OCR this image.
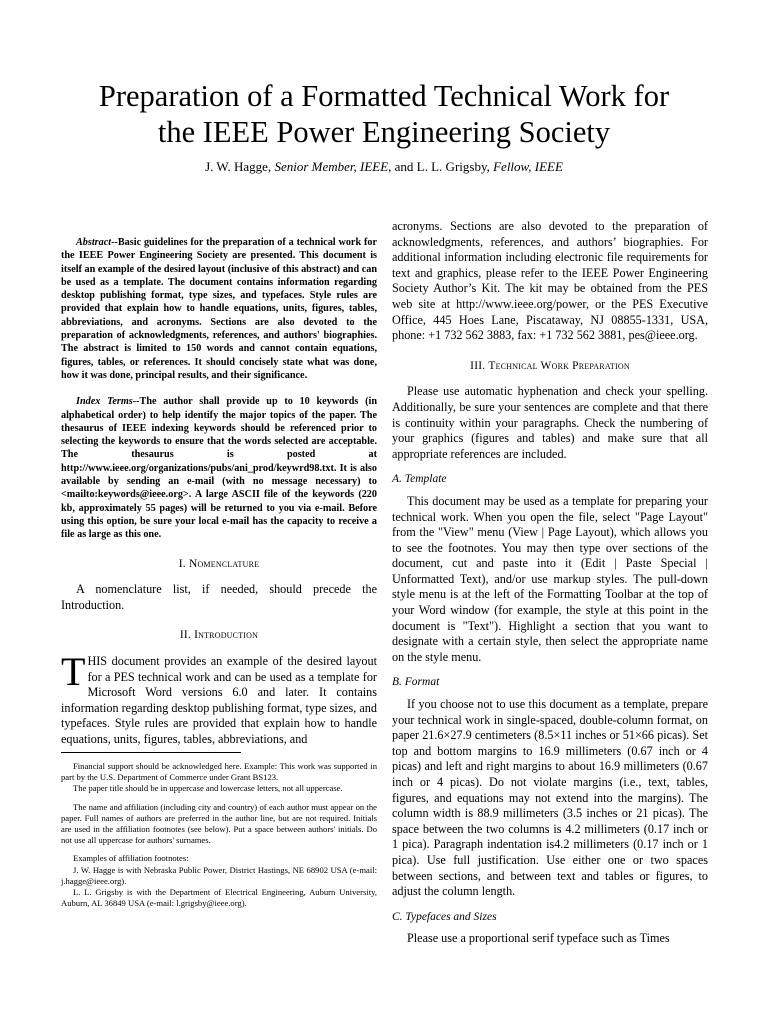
Preparation of a Formatted Technical Work for
the IEEE Power Engineering Society
J. W. Hagge, Senior Member, IEEE, and L. L. Grigsby, Fellow, IEEE

Abstract--Basic guidelines for the preparation of a technical work for the IEEE Power Engineering Society are presented. This document is itself an example of the desired layout (inclusive of this abstract) and can be used as a template. The document contains information regarding desktop publishing format, type sizes, and typefaces. Style rules are provided that explain how to handle equations, units, figures, tables, abbreviations, and acronyms. Sections are also devoted to the preparation of acknowledgments, references, and authors' biographies. The abstract is limited to 150 words and cannot contain equations, figures, tables, or references. It should concisely state what was done, how it was done, principal results, and their significance.

Index Terms--The author shall provide up to 10 keywords (in alphabetical order) to help identify the major topics of the paper. The thesaurus of IEEE indexing keywords should be referenced prior to selecting the keywords to ensure that the words selected are acceptable. The thesaurus is posted at http://www.ieee.org/organizations/pubs/ani_prod/keywrd98.txt. It is also available by sending an e-mail (with no message necessary) to <mailto:keywords@ieee.org>. A large ASCII file of the keywords (220 kb, approximately 55 pages) will be returned to you via e-mail. Before using this option, be sure your local e-mail has the capacity to receive a file as large as this one.

I. Nomenclature

A nomenclature list, if needed, should precede the Introduction.

II. Introduction

THIS document provides an example of the desired layout for a PES technical work and can be used as a template for Microsoft Word versions 6.0 and later. It contains information regarding desktop publishing format, type sizes, and typefaces. Style rules are provided that explain how to handle equations, units, figures, tables, abbreviations, and

Financial support should be acknowledged here. Example: This work was supported in part by the U.S. Department of Commerce under Grant BS123.

The paper title should be in uppercase and lowercase letters, not all uppercase.

The name and affiliation (including city and country) of each author must appear on the paper. Full names of authors are preferred in the author line, but are not required. Initials are used in the affiliation footnotes (see below). Put a space between authors' initials. Do not use all uppercase for authors' surnames.

Examples of affiliation footnotes:

J. W. Hagge is with Nebraska Public Power, District Hastings, NE 68902 USA (e-mail: j.hagge@ieee.org).

L. L. Grigsby is with the Department of Electrical Engineering, Auburn University, Auburn, AL 36849 USA (e-mail: l.grigsby@ieee.org).

acronyms. Sections are also devoted to the preparation of acknowledgments, references, and authors’ biographies. For additional information including electronic file requirements for text and graphics, please refer to the IEEE Power Engineering Society Author’s Kit. The kit may be obtained from the PES web site at http://www.ieee.org/power, or the PES Executive Office, 445 Hoes Lane, Piscataway, NJ 08855-1331, USA, phone: +1 732 562 3883, fax: +1 732 562 3881, pes@ieee.org.

III. Technical Work Preparation

Please use automatic hyphenation and check your spelling. Additionally, be sure your sentences are complete and that there is continuity within your paragraphs. Check the numbering of your graphics (figures and tables) and make sure that all appropriate references are included.

A. Template

This document may be used as a template for preparing your technical work. When you open the file, select "Page Layout" from the "View" menu (View | Page Layout), which allows you to see the footnotes. You may then type over sections of the document, cut and paste into it (Edit | Paste Special | Unformatted Text), and/or use markup styles. The pull-down style menu is at the left of the Formatting Toolbar at the top of your Word window (for example, the style at this point in the document is "Text"). Highlight a section that you want to designate with a certain style, then select the appropriate name on the style menu.

B. Format

If you choose not to use this document as a template, prepare your technical work in single-spaced, double-column format, on paper 21.6×27.9 centimeters (8.5×11 inches or 51×66 picas). Set top and bottom margins to 16.9 millimeters (0.67 inch or 4 picas) and left and right margins to about 16.9 millimeters (0.67 inch or 4 picas). Do not violate margins (i.e., text, tables, figures, and equations may not extend into the margins). The column width is 88.9 millimeters (3.5 inches or 21 picas). The space between the two columns is 4.2 millimeters (0.17 inch or 1 pica). Paragraph indentation is4.2 millimeters (0.17 inch or 1 pica). Use full justification. Use either one or two spaces between sections, and between text and tables or figures, to adjust the column length.

C. Typefaces and Sizes

Please use a proportional serif typeface such as Times
